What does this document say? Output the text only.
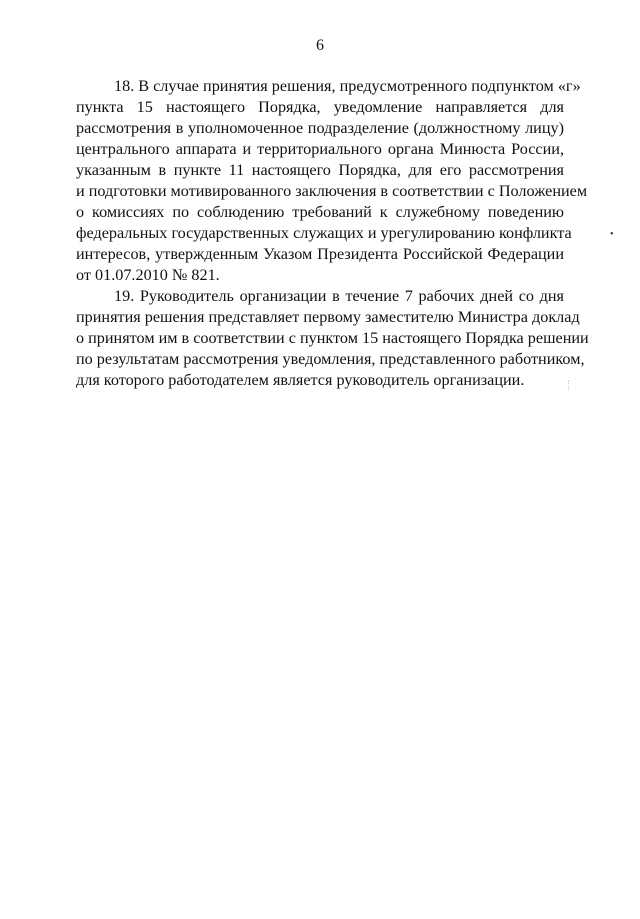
6
18. В случае принятия решения, предусмотренного подпунктом «г»
пункта 15 настоящего Порядка, уведомление направляется для
рассмотрения в уполномоченное подразделение (должностному лицу)
центрального аппарата и территориального органа Минюста России,
указанным в пункте 11 настоящего Порядка, для его рассмотрения
и подготовки мотивированного заключения в соответствии с Положением
о комиссиях по соблюдению требований к служебному поведению
федеральных государственных служащих и урегулированию конфликта
интересов, утвержденным Указом Президента Российской Федерации
от 01.07.2010 № 821.
19. Руководитель организации в течение 7 рабочих дней со дня
принятия решения представляет первому заместителю Министра доклад
о принятом им в соответствии с пунктом 15 настоящего Порядка решении
по результатам рассмотрения уведомления, представленного работником,
для которого работодателем является руководитель организации.
•
